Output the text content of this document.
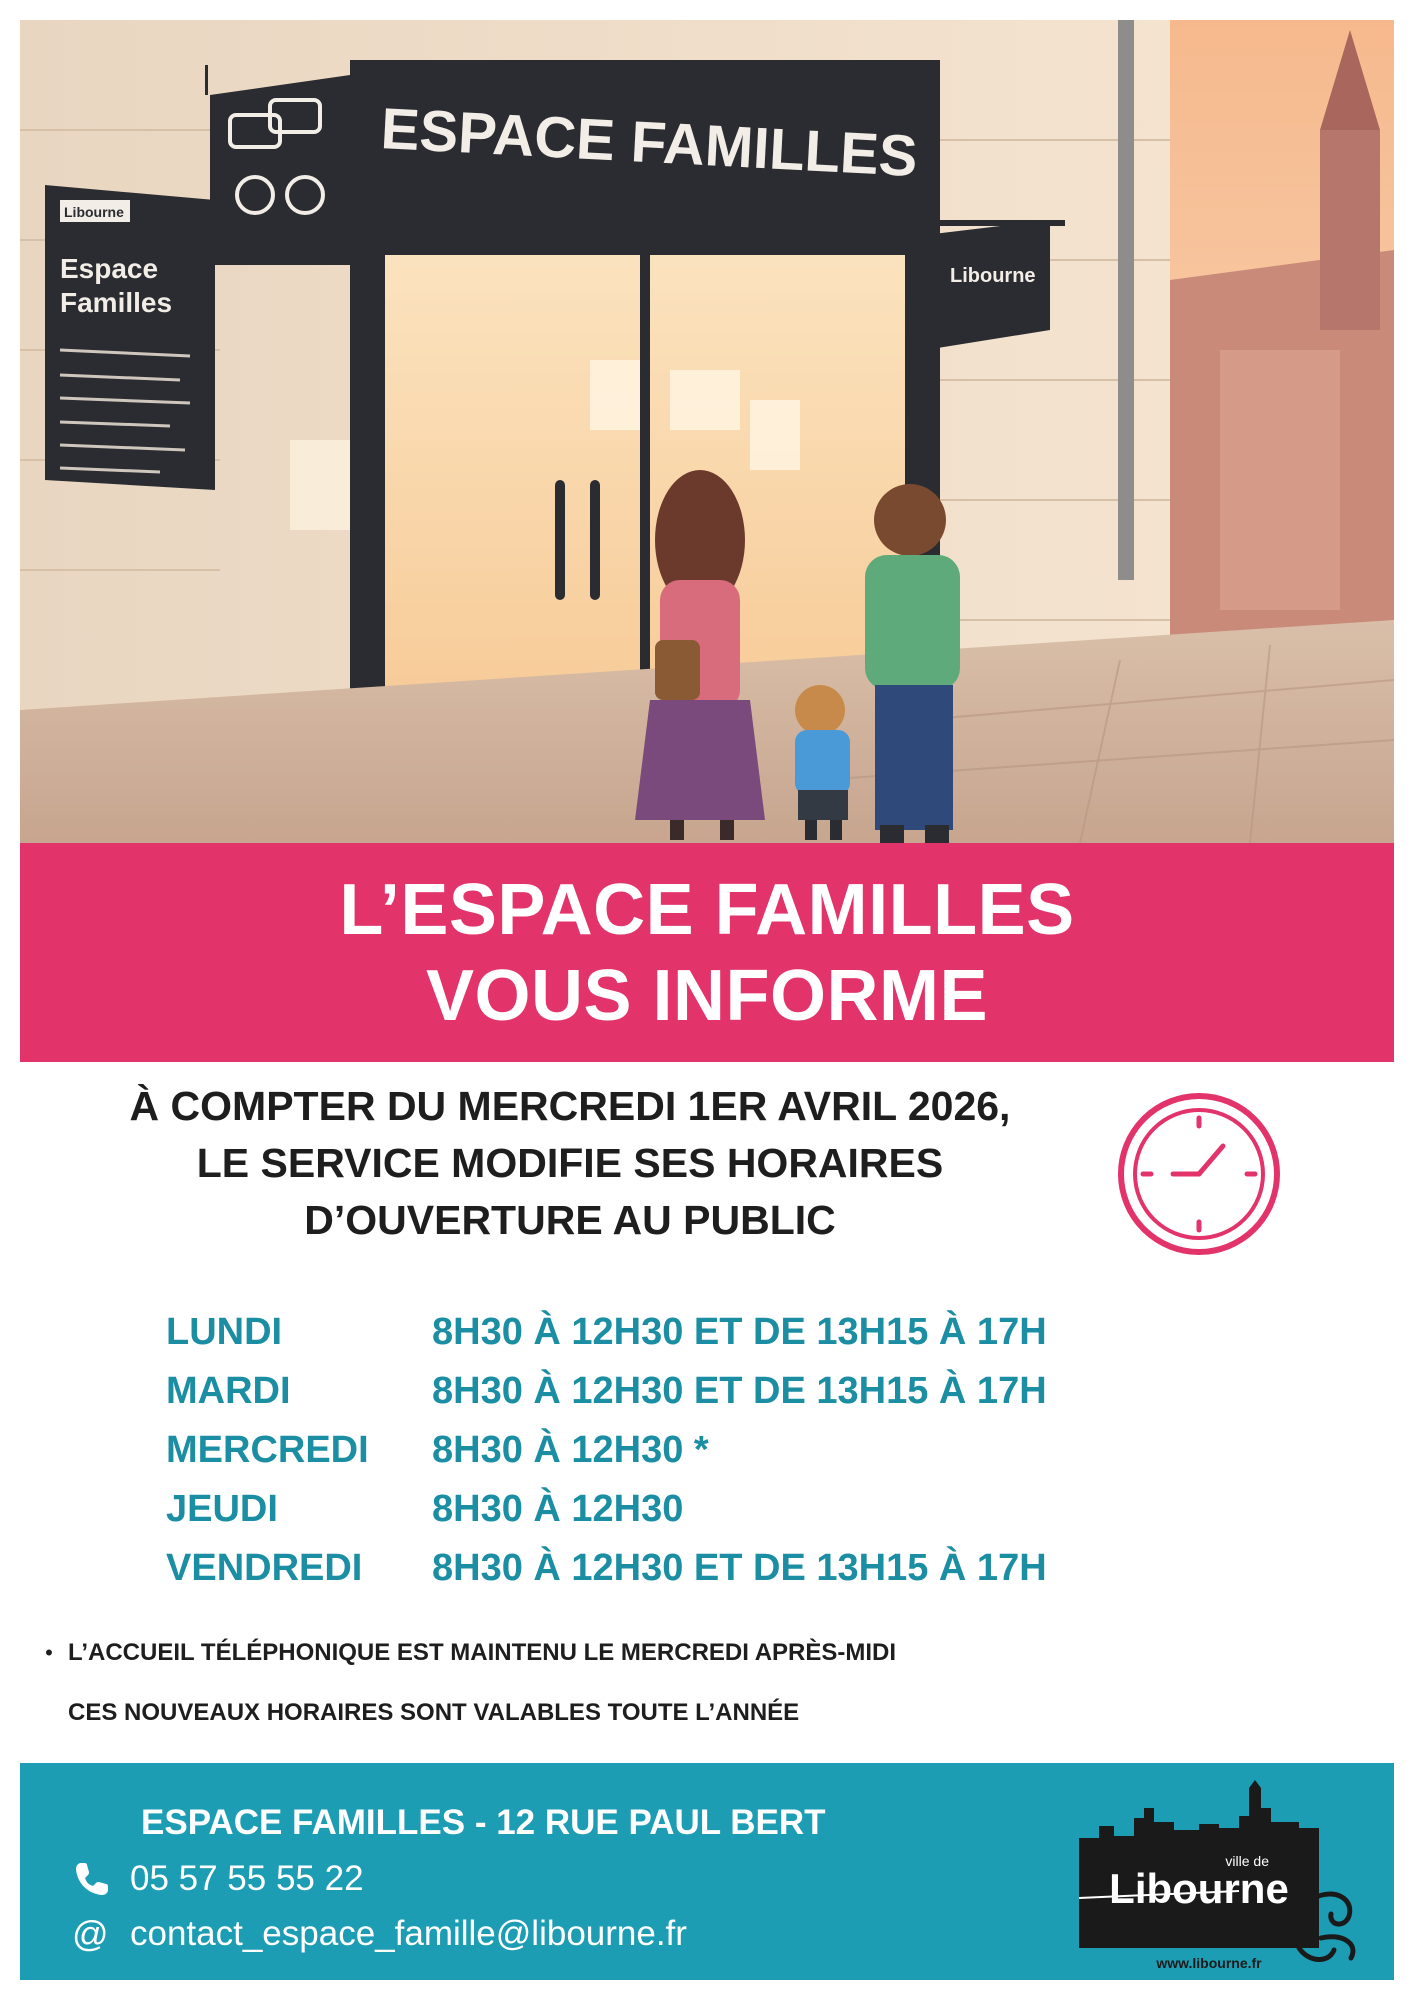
ESPACE FAMILLES
Libourne
Espace
Familles
Libourne
L’ESPACE FAMILLES
VOUS INFORME

À COMPTER DU MERCREDI 1ER AVRIL 2026,

LE SERVICE MODIFIE SES HORAIRES

D’OUVERTURE AU PUBLIC

LUNDI	8H30 À 12H30 ET DE 13H15 À 17H
MARDI	8H30 À 12H30 ET DE 13H15 À 17H
MERCREDI	8H30 À 12H30 *
JEUDI	8H30 À 12H30
VENDREDI	8H30 À 12H30 ET DE 13H15 À 17H
• L’ACCUEIL TÉLÉPHONIQUE EST MAINTENU LE MERCREDI APRÈS-MIDI
CES NOUVEAUX HORAIRES SONT VALABLES TOUTE L’ANNÉE
ESPACE FAMILLES - 12 RUE PAUL BERT
05 57 55 55 22
@ contact_espace_famille@libourne.fr
ville de
Libourne
www.libourne.fr
